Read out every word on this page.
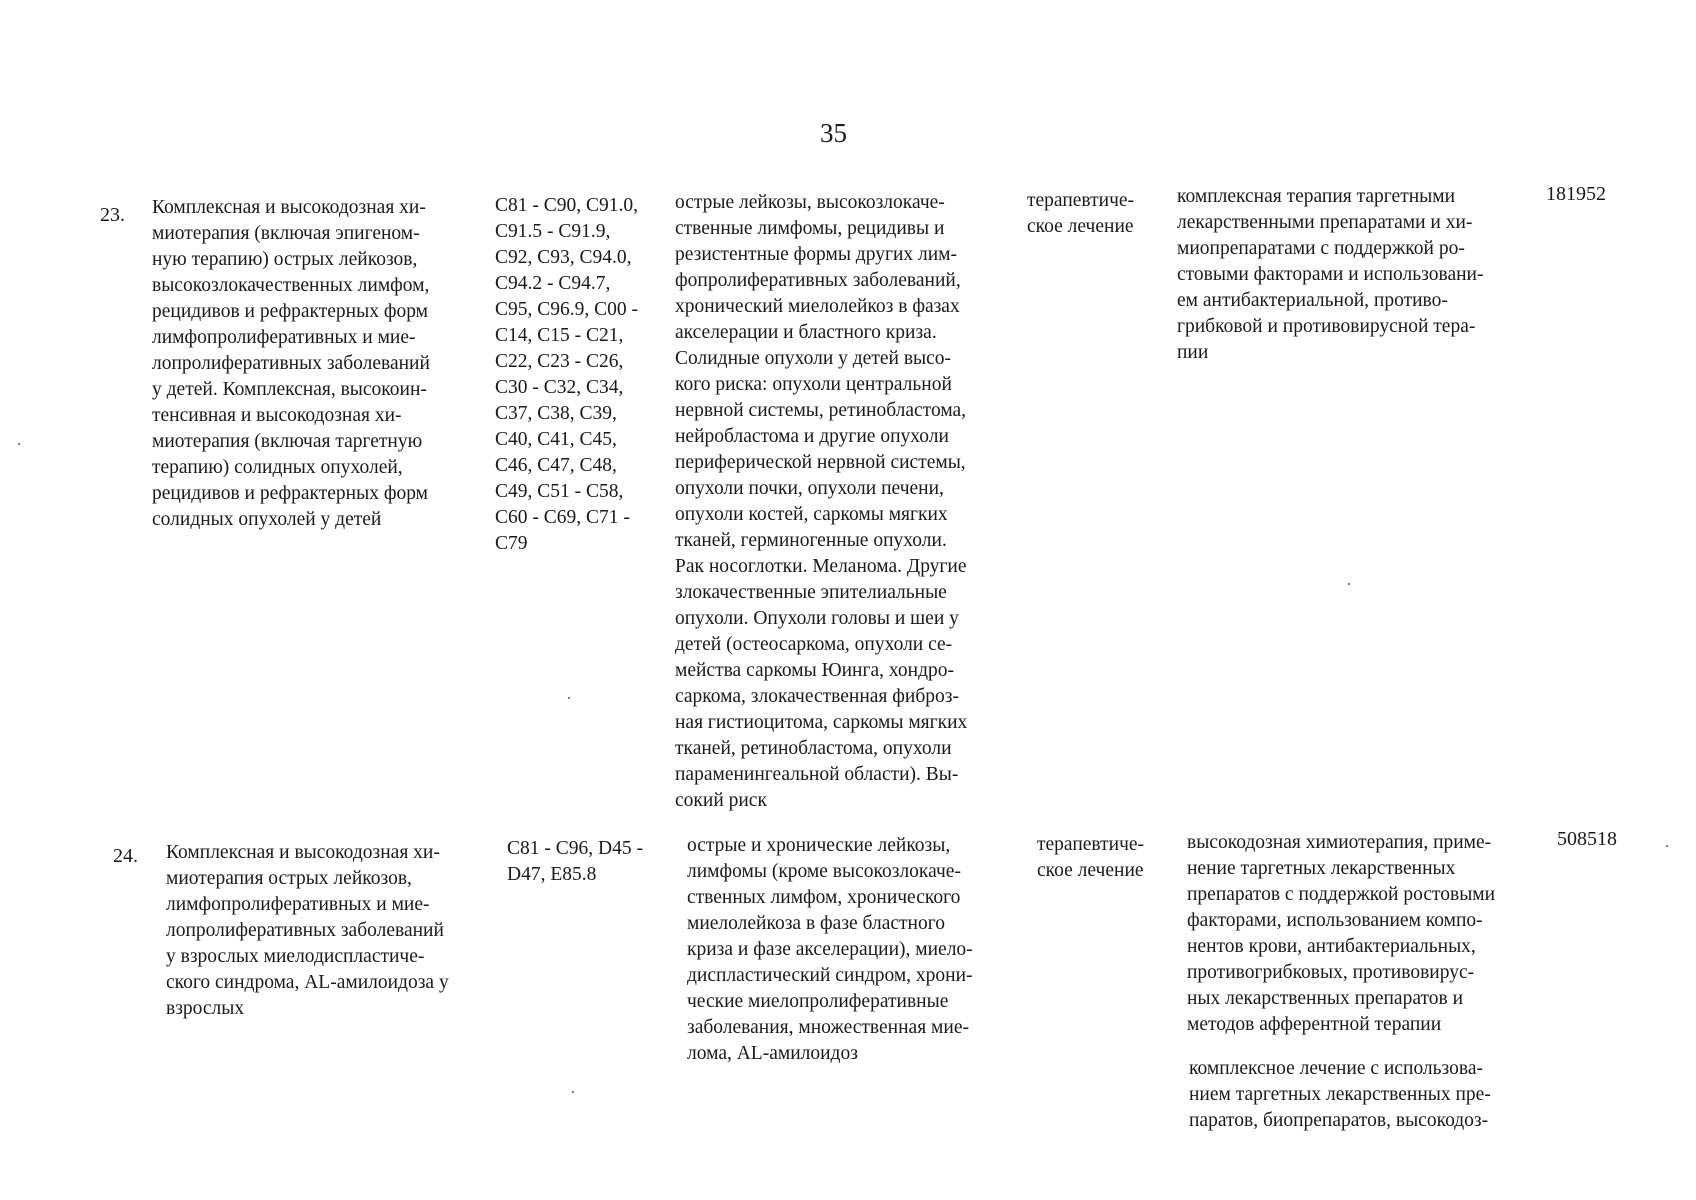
35
23. Комплексная и высокодозная хи-
миотерапия (включая эпигеном-
ную терапию) острых лейкозов,
высокозлокачественных лимфом,
рецидивов и рефрактерных форм
лимфопролиферативных и мие-
лопролиферативных заболеваний
у детей. Комплексная, высокоин-
тенсивная и высокодозная хи-
миотерапия (включая таргетную
терапию) солидных опухолей,
рецидивов и рефрактерных форм
солидных опухолей у детей
C81 - C90, C91.0,
C91.5 - C91.9,
C92, C93, C94.0,
C94.2 - C94.7,
C95, C96.9, C00 -
C14, C15 - C21,
C22, C23 - C26,
C30 - C32, C34,
C37, C38, C39,
C40, C41, C45,
C46, C47, C48,
C49, C51 - C58,
C60 - C69, C71 -
C79
острые лейкозы, высокозлокаче-
ственные лимфомы, рецидивы и
резистентные формы других лим-
фопролиферативных заболеваний,
хронический миелолейкоз в фазах
акселерации и бластного криза.
Солидные опухоли у детей высо-
кого риска: опухоли центральной
нервной системы, ретинобластома,
нейробластома и другие опухоли
периферической нервной системы,
опухоли почки, опухоли печени,
опухоли костей, саркомы мягких
тканей, герминогенные опухоли.
Рак носоглотки. Меланома. Другие
злокачественные эпителиальные
опухоли. Опухоли головы и шеи у
детей (остеосаркома, опухоли се-
мейства саркомы Юинга, хондро-
саркома, злокачественная фиброз-
ная гистиоцитома, саркомы мягких
тканей, ретинобластома, опухоли
параменингеальной области). Вы-
сокий риск
терапевтиче-
ское лечение
комплексная терапия таргетными
лекарственными препаратами и хи-
миопрепаратами с поддержкой ро-
стовыми факторами и использовани-
ем антибактериальной, противо-
грибковой и противовирусной тера-
пии
181952
24. Комплексная и высокодозная хи-
миотерапия острых лейкозов,
лимфопролиферативных и мие-
лопролиферативных заболеваний
у взрослых миелодиспластиче-
ского синдрома, AL-амилоидоза у
взрослых
C81 - C96, D45 -
D47, E85.8
острые и хронические лейкозы,
лимфомы (кроме высокозлокаче-
ственных лимфом, хронического
миелолейкоза в фазе бластного
криза и фазе акселерации), миело-
диспластический синдром, хрони-
ческие миелопролиферативные
заболевания, множественная мие-
лома, AL-амилоидоз
терапевтиче-
ское лечение
высокодозная химиотерапия, приме-
нение таргетных лекарственных
препаратов с поддержкой ростовыми
факторами, использованием компо-
нентов крови, антибактериальных,
противогрибковых, противовирус-
ных лекарственных препаратов и
методов афферентной терапии
комплексное лечение с использова-
нием таргетных лекарственных пре-
паратов, биопрепаратов, высокодоз-
508518
